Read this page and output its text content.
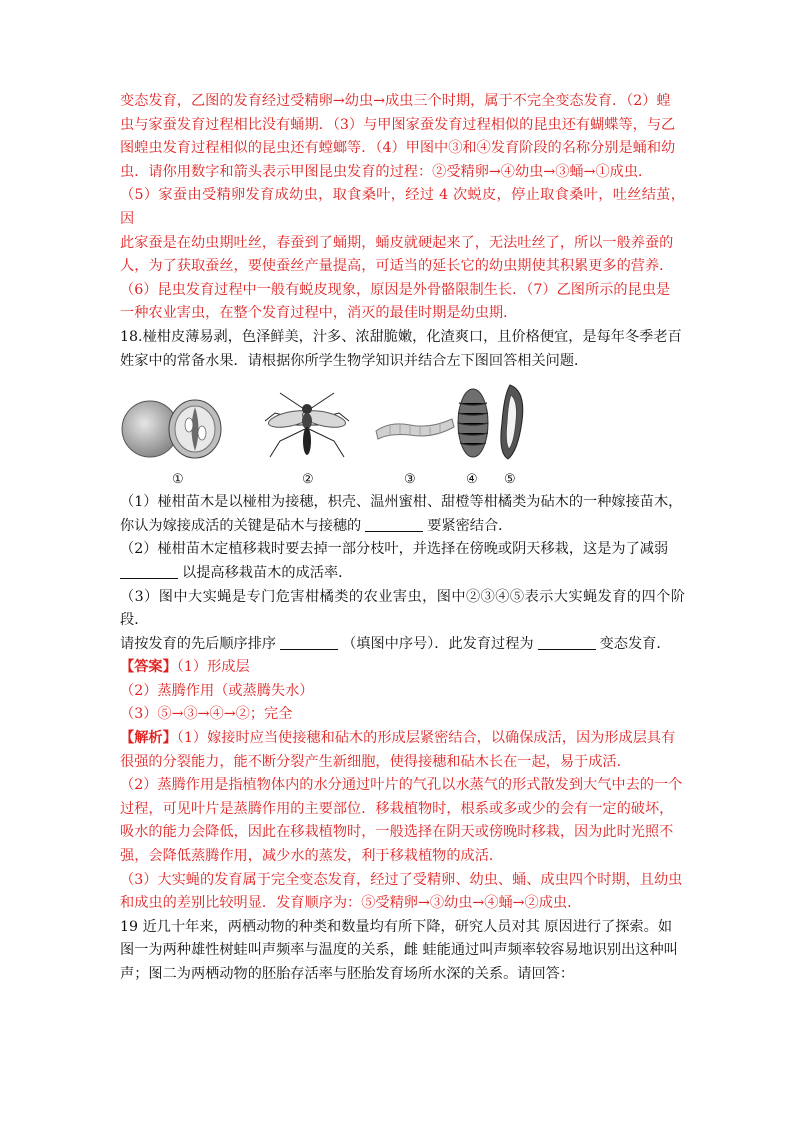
变态发育，乙图的发育经过受精卵→幼虫→成虫三个时期，属于不完全变态发育．（2）蝗

虫与家蚕发育过程相比没有蛹期．（3）与甲图家蚕发育过程相似的昆虫还有蝴蝶等，与乙

图蝗虫发育过程相似的昆虫还有螳螂等．（4）甲图中③和④发育阶段的名称分别是蛹和幼

虫．请你用数字和箭头表示甲图昆虫发育的过程：②受精卵→④幼虫→③蛹→①成虫．

（5）家蚕由受精卵发育成幼虫，取食桑叶，经过 4 次蜕皮，停止取食桑叶，吐丝结茧，因

此家蚕是在幼虫期吐丝，春蚕到了蛹期，蛹皮就硬起来了，无法吐丝了，所以一般养蚕的

人，为了获取蚕丝，要使蚕丝产量提高，可适当的延长它的幼虫期使其积累更多的营养．

（6）昆虫发育过程中一般有蜕皮现象，原因是外骨骼限制生长．（7）乙图所示的昆虫是

一种农业害虫，在整个发育过程中，消灭的最佳时期是幼虫期．

18.椪柑皮薄易剥，色泽鲜美，汁多、浓甜脆嫩，化渣爽口，且价格便宜，是每年冬季老百

姓家中的常备水果．请根据你所学生物学知识并结合左下图回答相关问题．

①	②	③	④ ⑤

（1）椪柑苗木是以椪柑为接穗，枳壳、温州蜜柑、甜橙等柑橘类为砧木的一种嫁接苗木，

你认为嫁接成活的关键是砧木与接穗的	要紧密结合．

（2）椪柑苗木定植移栽时要去掉一部分枝叶，并选择在傍晚或阴天移栽，这是为了减弱

以提高移栽苗木的成活率．

（3）图中大实蝇是专门危害柑橘类的农业害虫，图中②③④⑤表示大实蝇发育的四个阶段．

请按发育的先后顺序排序	（填图中序号）．此发育过程为	变态发育．

【答案】（1）形成层

（2）蒸腾作用（或蒸腾失水）

（3）⑤→③→④→②；完全

【解析】（1）嫁接时应当使接穗和砧木的形成层紧密结合，以确保成活，因为形成层具有

很强的分裂能力，能不断分裂产生新细胞，使得接穗和砧木长在一起，易于成活．

（2）蒸腾作用是指植物体内的水分通过叶片的气孔以水蒸气的形式散发到大气中去的一个

过程，可见叶片是蒸腾作用的主要部位．移栽植物时，根系或多或少的会有一定的破坏，

吸水的能力会降低，因此在移栽植物时，一般选择在阴天或傍晚时移栽，因为此时光照不

强，会降低蒸腾作用，减少水的蒸发，利于移栽植物的成活．

（3）大实蝇的发育属于完全变态发育，经过了受精卵、幼虫、蛹、成虫四个时期，且幼虫

和成虫的差别比较明显．发育顺序为：⑤受精卵→③幼虫→④蛹→②成虫．

19 近几十年来，两栖动物的种类和数量均有所下降，研究人员对其 原因进行了探索。如

图一为两种雄性树蛙叫声频率与温度的关系，雌 蛙能通过叫声频率较容易地识别出这种叫

声；图二为两栖动物的胚胎存活率与胚胎发育场所水深的关系。请回答：
